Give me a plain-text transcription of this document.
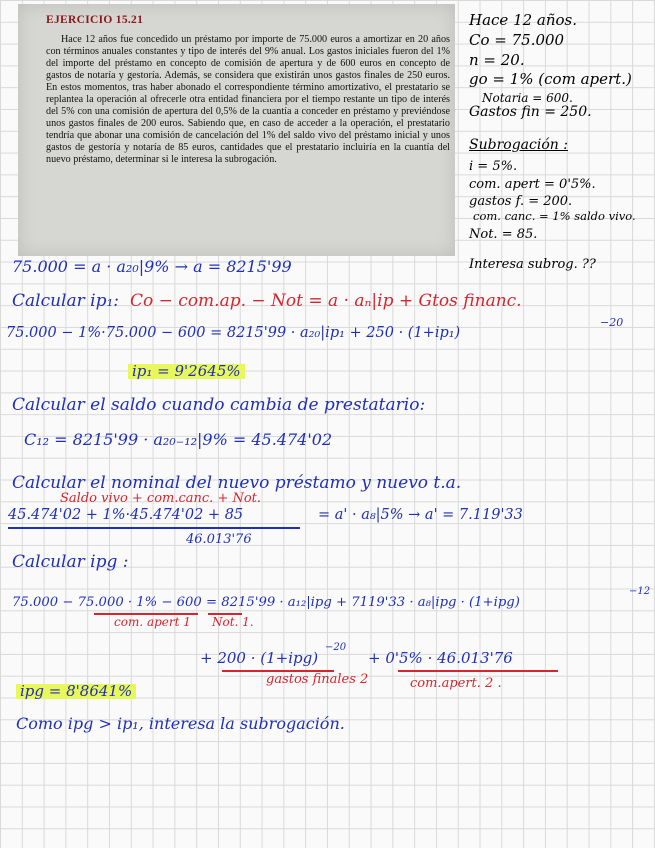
EJERCICIO 15.21
Hace 12 años fue concedido un préstamo por importe de 75.000 euros a amortizar en 20 años con términos anuales constantes y tipo de interés del 9% anual. Los gastos iniciales fueron del 1% del importe del préstamo en concepto de comisión de apertura y de 600 euros en concepto de gastos de notaría y gestoría. Además, se considera que existirán unos gastos finales de 250 euros. En estos momentos, tras haber abonado el correspondiente término amortizativo, el prestatario se replantea la operación al ofrecerle otra entidad financiera por el tiempo restante un tipo de interés del 5% con una comisión de apertura del 0,5% de la cuantía a conceder en préstamo y previéndose unos gastos finales de 200 euros. Sabiendo que, en caso de acceder a la operación, el prestatario tendría que abonar una comisión de cancelación del 1% del saldo vivo del préstamo inicial y unos gastos de gestoría y notaría de 85 euros, cantidades que el prestatario incluiría en la cuantía del nuevo préstamo, determinar si le interesa la subrogación.
Hace 12 años.
Co = 75.000
n = 20.
go = 1% (com apert.)
Notaria = 600.
Gastos fin = 250.
Subrogación :
i = 5%.
com. apert = 0'5%.
gastos f. = 200.
com. canc. = 1% saldo vivo.
Not. = 85.
Interesa subrog. ??
75.000 = a · a₂₀|9% → a = 8215'99
Calcular ip₁: Co − com.ap. − Not = a · aₙ|ip + Gtos financ.
75.000 − 1%·75.000 − 600 = 8215'99 · a₂₀|ip₁ + 250 · (1+ip₁)
−20
ip₁ = 9'2645%
Calcular el saldo cuando cambia de prestatario:
C₁₂ = 8215'99 · a₂₀₋₁₂|9% = 45.474'02
Calcular el nominal del nuevo préstamo y nuevo t.a.
Saldo vivo + com.canc. + Not.
45.474'02 + 1%·45.474'02 + 85	= a' · a₈|5% → a' = 7.119'33
46.013'76
Calcular ipg :
75.000 − 75.000 · 1% − 600 = 8215'99 · a₁₂|ipg + 7119'33 · a₈|ipg · (1+ipg)
−12
com. apert 1 Not. 1.
+ 200 · (1+ipg)
−20
+ 0'5% · 46.013'76
gastos finales 2	com.apert. 2 .
ipg = 8'8641%
Como ipg > ip₁, interesa la subrogación.
